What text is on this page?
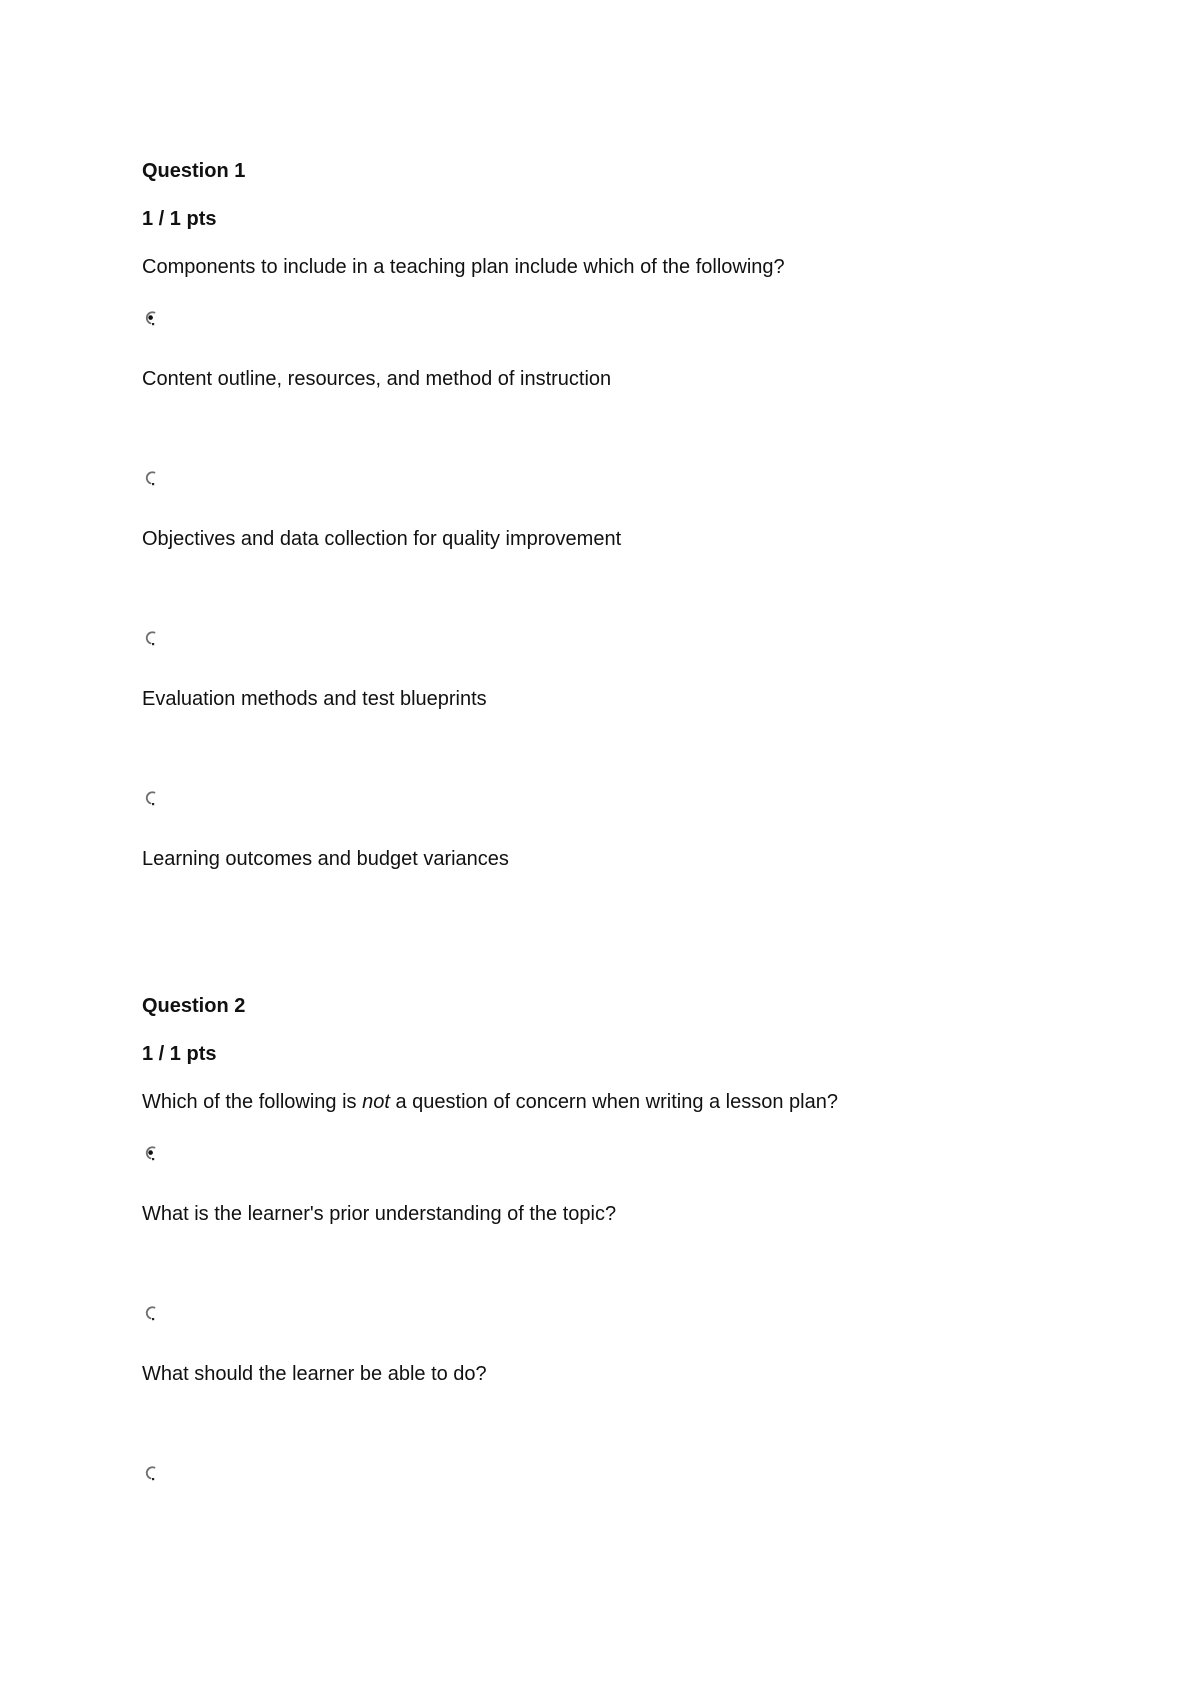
Question 1
1 / 1 pts
Components to include in a teaching plan include which of the following?
Content outline, resources, and method of instruction
Objectives and data collection for quality improvement
Evaluation methods and test blueprints
Learning outcomes and budget variances
Question 2
1 / 1 pts
Which of the following is not a question of concern when writing a lesson plan?
What is the learner's prior understanding of the topic?
What should the learner be able to do?
